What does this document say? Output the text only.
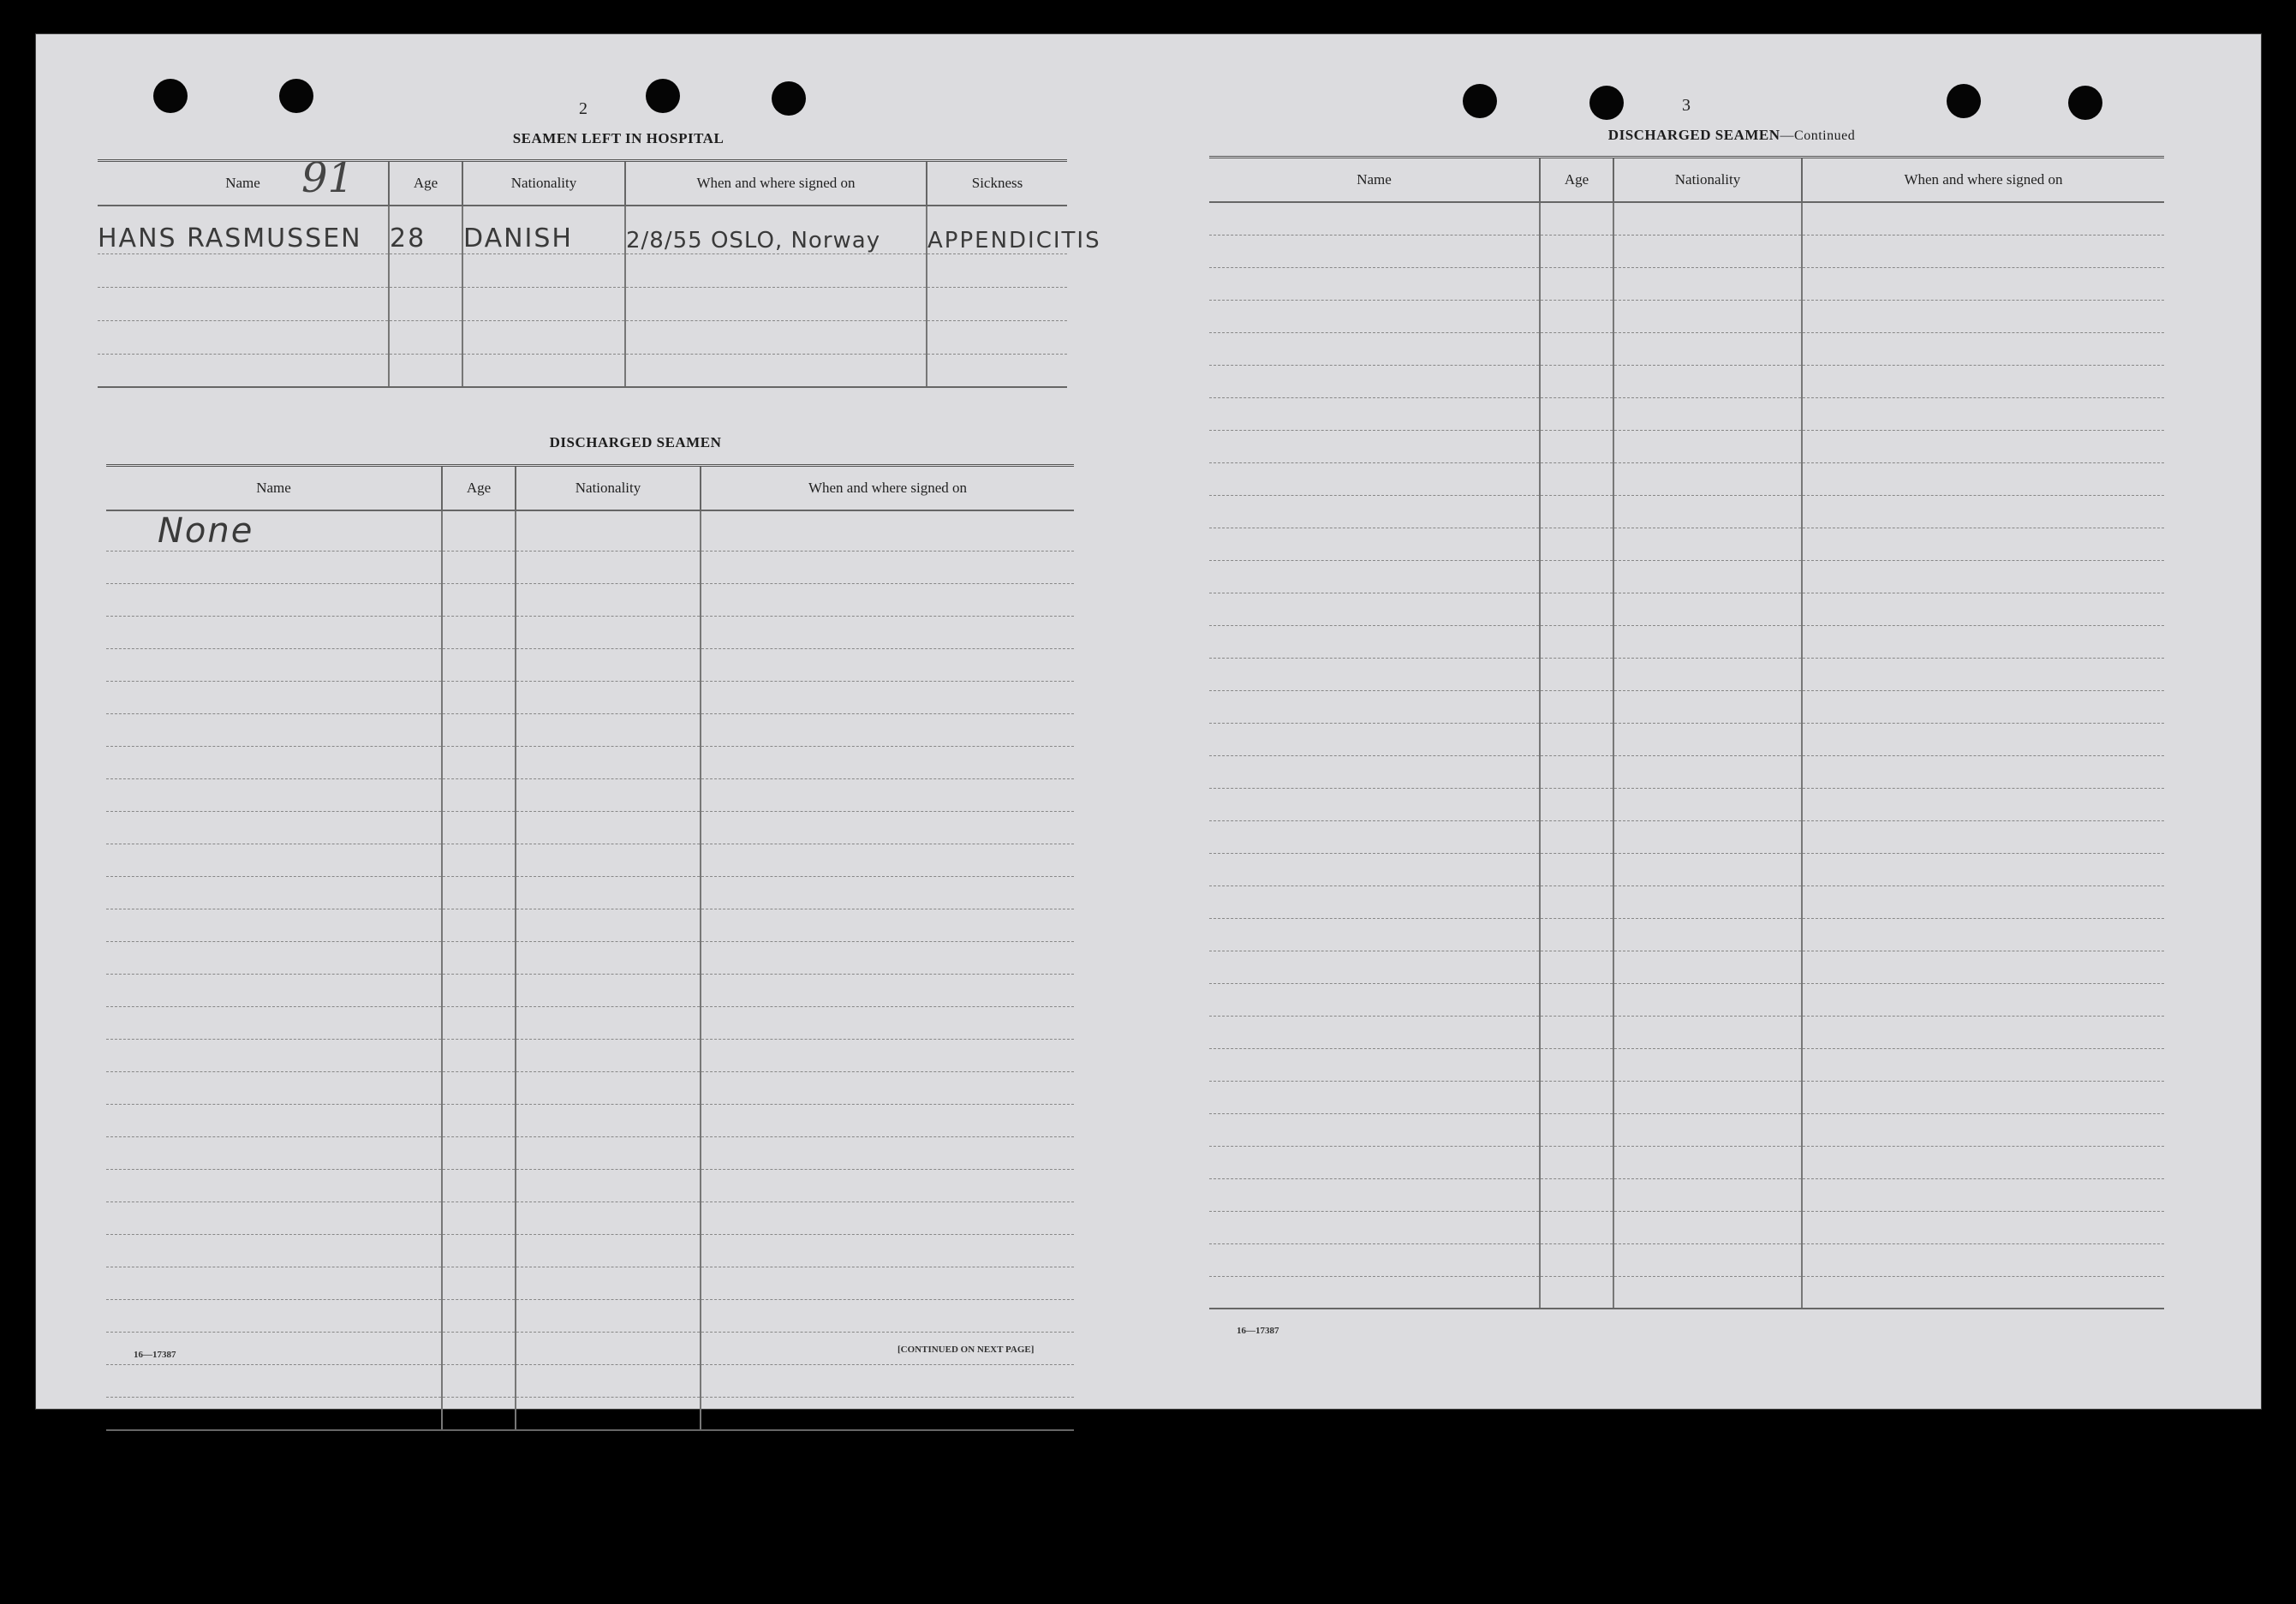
2
SEAMEN LEFT IN HOSPITAL
91
Name	Age	Nationality	When and where signed on	Sickness
HANS RASMUSSEN	28	DANISH	2/8/55 OSLO, Norway	APPENDICITIS

DISCHARGED SEAMEN
Name	Age	Nationality	When and where signed on
None			

16—17387	[CONTINUED ON NEXT PAGE]
3
DISCHARGED SEAMEN—Continued
Name	Age	Nationality	When and where signed on

16—17387
